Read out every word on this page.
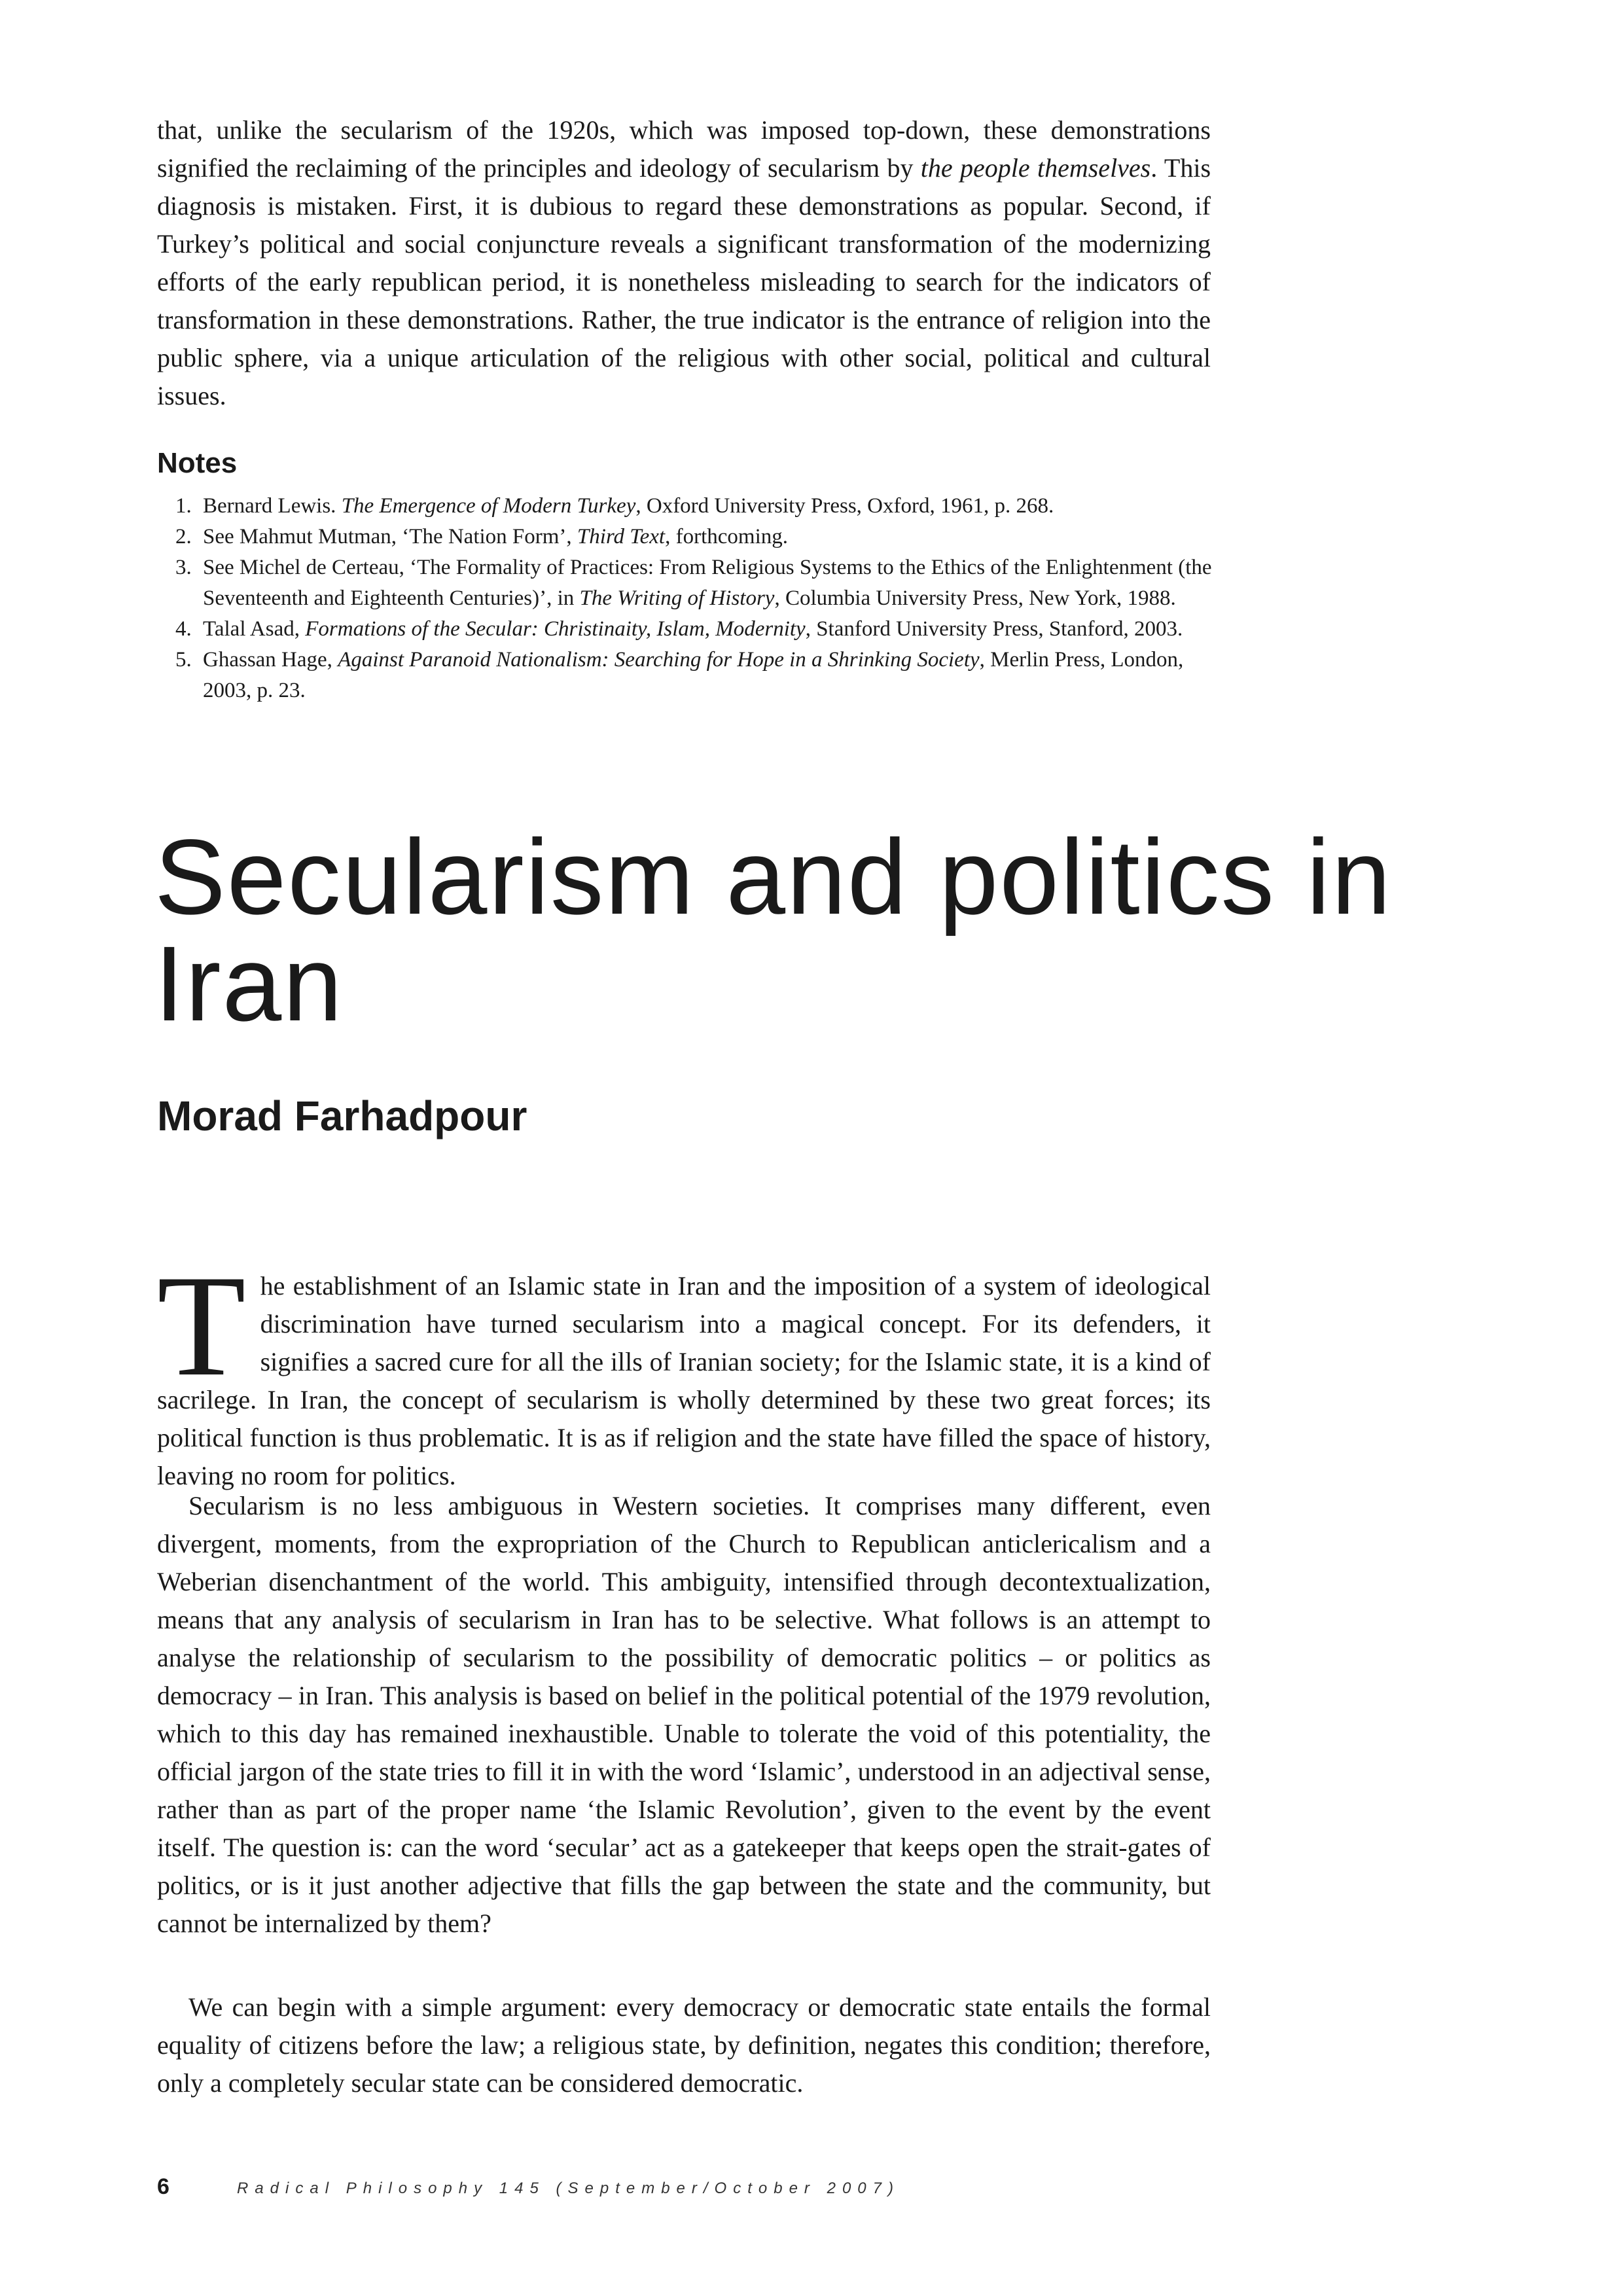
that, unlike the secularism of the 1920s, which was imposed top-down, these demonstrations signified the reclaiming of the principles and ideology of secularism by the people themselves. This diagnosis is mistaken. First, it is dubious to regard these demonstrations as popular. Second, if Turkey’s political and social conjuncture reveals a significant transformation of the modernizing efforts of the early republican period, it is nonetheless misleading to search for the indicators of transformation in these demonstrations. Rather, the true indicator is the entrance of religion into the public sphere, via a unique articulation of the religious with other social, political and cultural issues.

Notes
1. Bernard Lewis. The Emergence of Modern Turkey, Oxford University Press, Oxford, 1961, p. 268.
2. See Mahmut Mutman, ‘The Nation Form’, Third Text, forthcoming.
3. See Michel de Certeau, ‘The Formality of Practices: From Religious Systems to the Ethics of the Enlightenment (the Seventeenth and Eighteenth Centuries)’, in The Writing of History, Columbia University Press, New York, 1988.
4. Talal Asad, Formations of the Secular: Christinaity, Islam, Modernity, Stanford University Press, Stanford, 2003.
5. Ghassan Hage, Against Paranoid Nationalism: Searching for Hope in a Shrinking Society, Merlin Press, London, 2003, p. 23.
Secularism and politics in Iran
Morad Farhadpour

The establishment of an Islamic state in Iran and the imposition of a system of ideological discrimination have turned secularism into a magical concept. For its defenders, it signifies a sacred cure for all the ills of Iranian society; for the Islamic state, it is a kind of sacrilege. In Iran, the concept of secularism is wholly determined by these two great forces; its political function is thus problematic. It is as if religion and the state have filled the space of history, leaving no room for politics.

Secularism is no less ambiguous in Western societies. It comprises many different, even divergent, moments, from the expropriation of the Church to Republican anticlericalism and a Weberian disenchantment of the world. This ambiguity, intensified through decontextualization, means that any analysis of secularism in Iran has to be selective. What follows is an attempt to analyse the relationship of secularism to the possibility of democratic politics – or politics as democracy – in Iran. This analysis is based on belief in the political potential of the 1979 revolution, which to this day has remained inexhaustible. Unable to tolerate the void of this potentiality, the official jargon of the state tries to fill it in with the word ‘Islamic’, understood in an adjectival sense, rather than as part of the proper name ‘the Islamic Revolution’, given to the event by the event itself. The question is: can the word ‘secular’ act as a gatekeeper that keeps open the strait-gates of politics, or is it just another adjective that fills the gap between the state and the community, but cannot be internalized by them?

We can begin with a simple argument: every democracy or democratic state entails the formal equality of citizens before the law; a religious state, by definition, negates this condition; therefore, only a completely secular state can be considered democratic.

6	Radical Philosophy 145 (September/October 2007)
